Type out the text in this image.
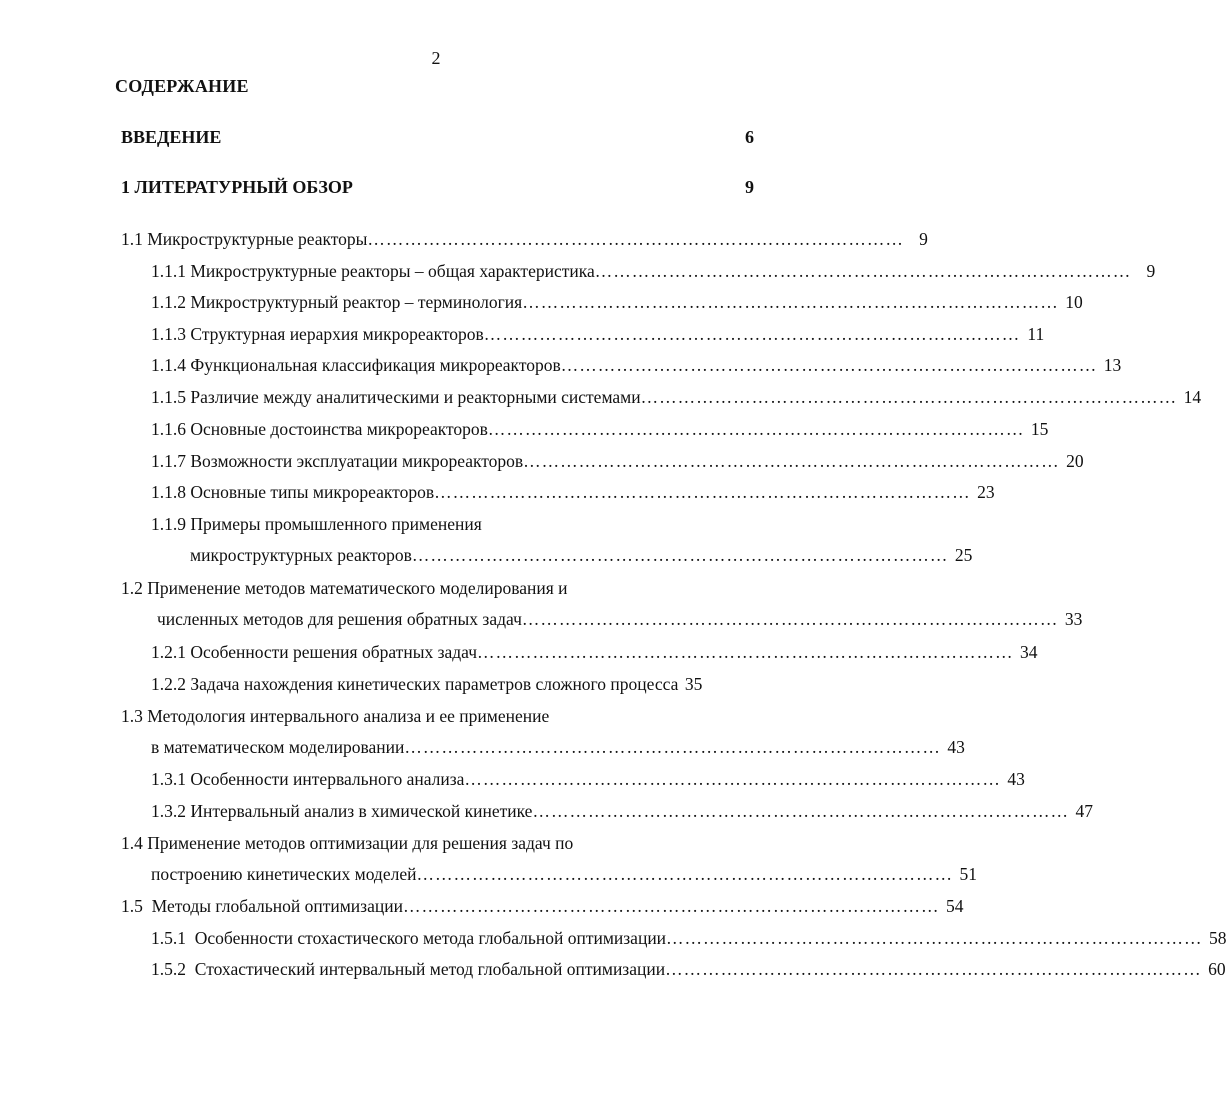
2
СОДЕРЖАНИЕ
ВВЕДЕНИЕ	6
1 ЛИТЕРАТУРНЫЙ ОБЗОР	9
1.1 Микроструктурные реакторы …………………………………………………………………………… 9
1.1.1 Микроструктурные реакторы – общая характеристика …………………………………………………………………………… 9
1.1.2 Микроструктурный реактор – терминология …………………………………………………………………………… 10
1.1.3 Структурная иерархия микрореакторов …………………………………………………………………………… 11
1.1.4 Функциональная классификация микрореакторов …………………………………………………………………………… 13
1.1.5 Различие между аналитическими и реакторными системами …………………………………………………………………………… 14
1.1.6 Основные достоинства микрореакторов …………………………………………………………………………… 15
1.1.7 Возможности эксплуатации микрореакторов …………………………………………………………………………… 20
1.1.8 Основные типы микрореакторов …………………………………………………………………………… 23
1.1.9 Примеры промышленного применения
микроструктурных реакторов …………………………………………………………………………… 25
1.2 Применение методов математического моделирования и
численных методов для решения обратных задач …………………………………………………………………………… 33
1.2.1 Особенности решения обратных задач …………………………………………………………………………… 34
1.2.2 Задача нахождения кинетических параметров сложного процесса 35
1.3 Методология интервального анализа и ее применение
в математическом моделировании …………………………………………………………………………… 43
1.3.1 Особенности интервального анализа …………………………………………………………………………… 43
1.3.2 Интервальный анализ в химической кинетике …………………………………………………………………………… 47
1.4 Применение методов оптимизации для решения задач по
построению кинетических моделей …………………………………………………………………………… 51
1.5  Методы глобальной оптимизации …………………………………………………………………………… 54
1.5.1  Особенности стохастического метода глобальной оптимизации …………………………………………………………………………… 58
1.5.2  Стохастический интервальный метод глобальной оптимизации …………………………………………………………………………… 60
